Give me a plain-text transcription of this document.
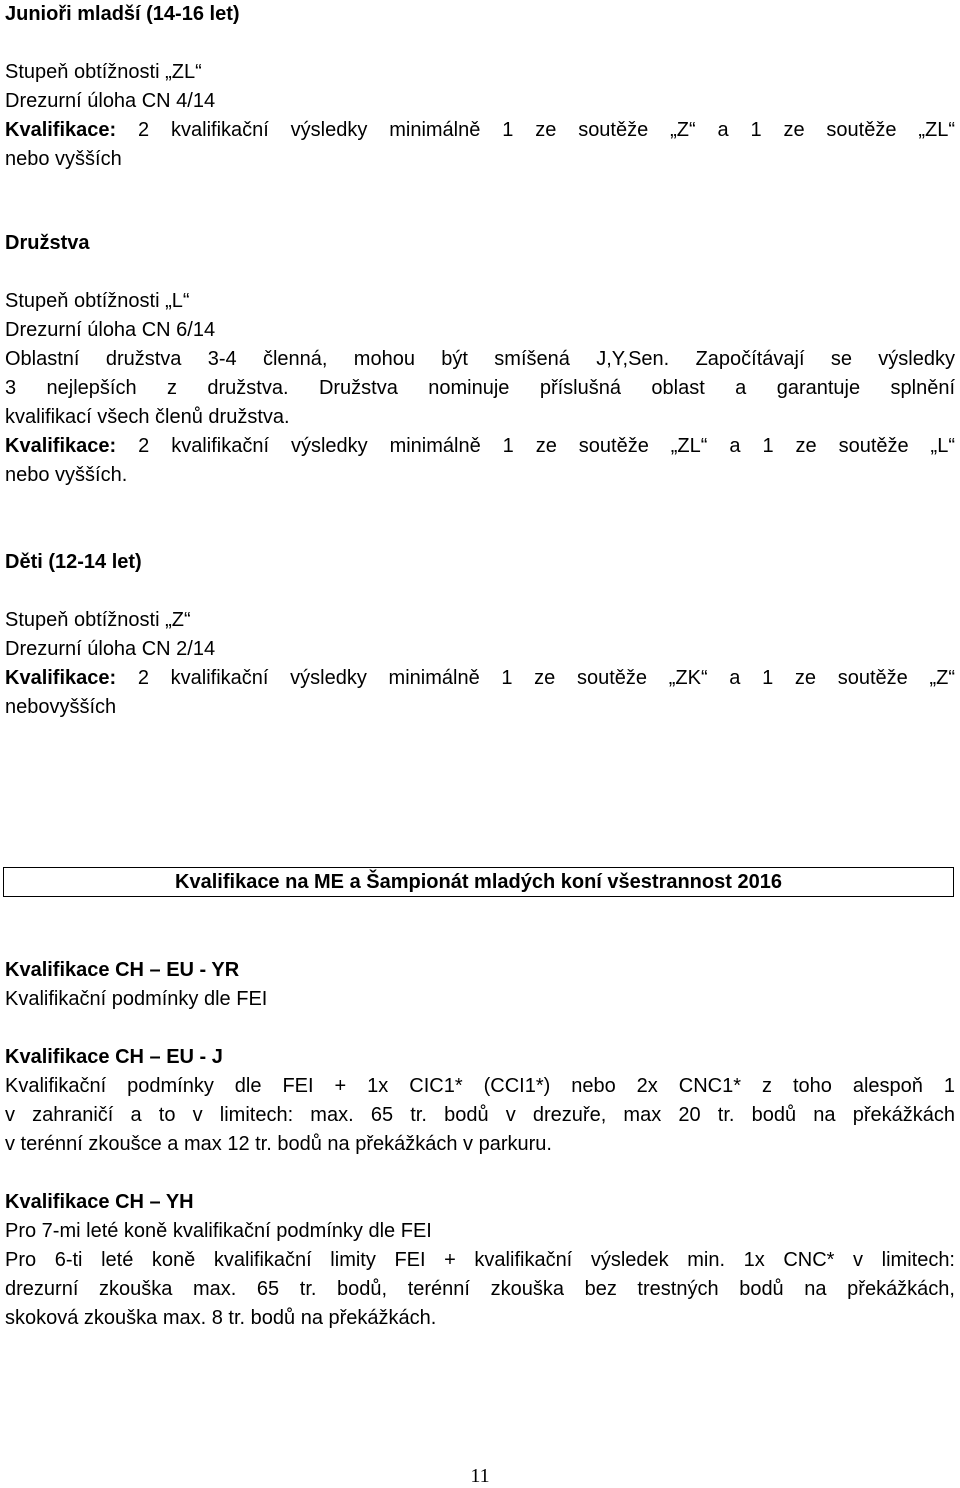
Junioři mladší (14-16 let)
Stupeň obtížnosti „ZL“
Drezurní úloha CN 4/14
Kvalifikace: 2 kvalifikační výsledky minimálně 1 ze soutěže „Z“ a 1 ze soutěže „ZL“
nebo vyšších
Družstva
Stupeň obtížnosti „L“
Drezurní úloha CN 6/14
Oblastní družstva 3-4 členná, mohou být smíšená J,Y,Sen. Započítávají se výsledky
3 nejlepších z družstva. Družstva nominuje příslušná oblast a garantuje splnění
kvalifikací všech členů družstva.
Kvalifikace: 2 kvalifikační výsledky minimálně 1 ze soutěže „ZL“ a 1 ze soutěže „L“
nebo vyšších.
Děti (12-14 let)
Stupeň obtížnosti „Z“
Drezurní úloha CN 2/14
Kvalifikace: 2 kvalifikační výsledky minimálně 1 ze soutěže „ZK“ a 1 ze soutěže „Z“
nebovyšších
Kvalifikace na ME a Šampionát mladých koní všestrannost 2016
Kvalifikace CH – EU - YR
Kvalifikační podmínky dle FEI
Kvalifikace CH – EU - J
Kvalifikační podmínky dle FEI + 1x CIC1* (CCI1*) nebo 2x CNC1* z toho alespoň 1
v zahraničí a to v limitech: max. 65 tr. bodů v drezuře, max 20 tr. bodů na překážkách
v terénní zkoušce a max 12 tr. bodů na překážkách v parkuru.
Kvalifikace CH – YH
Pro 7-mi leté koně kvalifikační podmínky dle FEI
Pro 6-ti leté koně kvalifikační limity FEI + kvalifikační výsledek min. 1x CNC* v limitech:
drezurní zkouška max. 65 tr. bodů, terénní zkouška bez trestných bodů na překážkách,
skoková zkouška max. 8 tr. bodů na překážkách.
11
